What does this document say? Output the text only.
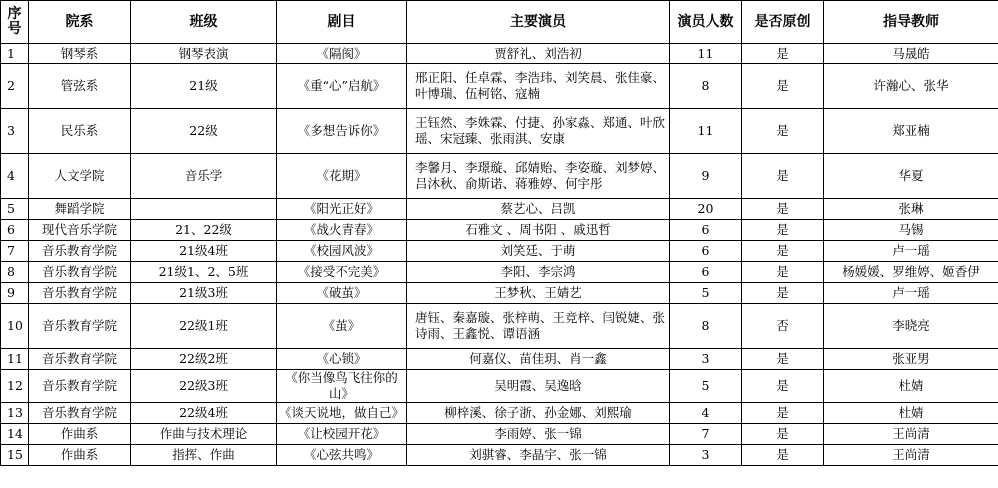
序号	院系	班级	剧目	主要演员	演员人数	是否原创	指导教师
1	钢琴系	钢琴表演	《隔阂》	贾舒礼、刘浩初	11	是	马晟皓
2	管弦系	21级	《重“心”启航》	邢正阳、任卓霖、李浩玮、刘笑晨、张佳豪、叶博瑞、伍柯铭、寇楠	8	是	许瀚心、张华
3	民乐系	22级	《多想告诉你》	王钰然、李姝霖、付捷、孙家淼、郑通、叶欣瑶、宋冠臻、张雨淇、安康	11	是	郑亚楠
4	人文学院	音乐学	《花期》	李馨月、李璟璇、邱婧贻、李姿璇、刘梦婷、吕沐秋、俞斯诺、蒋雅婷、何宇彤	9	是	华夏
5	舞蹈学院		《阳光正好》	蔡艺心、吕凯	20	是	张琳
6	现代音乐学院	21、22级	《战火青春》	石雅文 、周书阳 、戚迅哲	6	是	马锡
7	音乐教育学院	21级4班	《校园风波》	刘笑廷、于萌	6	是	卢一瑶
8	音乐教育学院	21级1、2、5班	《接受不完美》	李阳、李宗鸿	6	是	杨媛媛、罗维婷、姬香伊
9	音乐教育学院	21级3班	《破茧》	王梦秋、王婧艺	5	是	卢一瑶
10	音乐教育学院	22级1班	《茧》	唐钰、秦嘉璇、张梓萌、王竞梓、闫锐婕、张诗雨、王鑫悦、谭语涵	8	否	李晓亮
11	音乐教育学院	22级2班	《心锁》	何嘉仪、苗佳玥、肖一鑫	3	是	张亚男
12	音乐教育学院	22级3班	《你当像鸟飞往你的山》	吴明霞、吴逸晗	5	是	杜婧
13	音乐教育学院	22级4班	《谈天说地，做自己》	柳梓溪、徐子浙、孙金娜、刘熙瑜	4	是	杜婧
14	作曲系	作曲与技术理论	《让校园开花》	李雨婷、张一锦	7	是	王尚清
15	作曲系	指挥、作曲	《心弦共鸣》	刘骐睿、李晶宇、张一锦	3	是	王尚清
